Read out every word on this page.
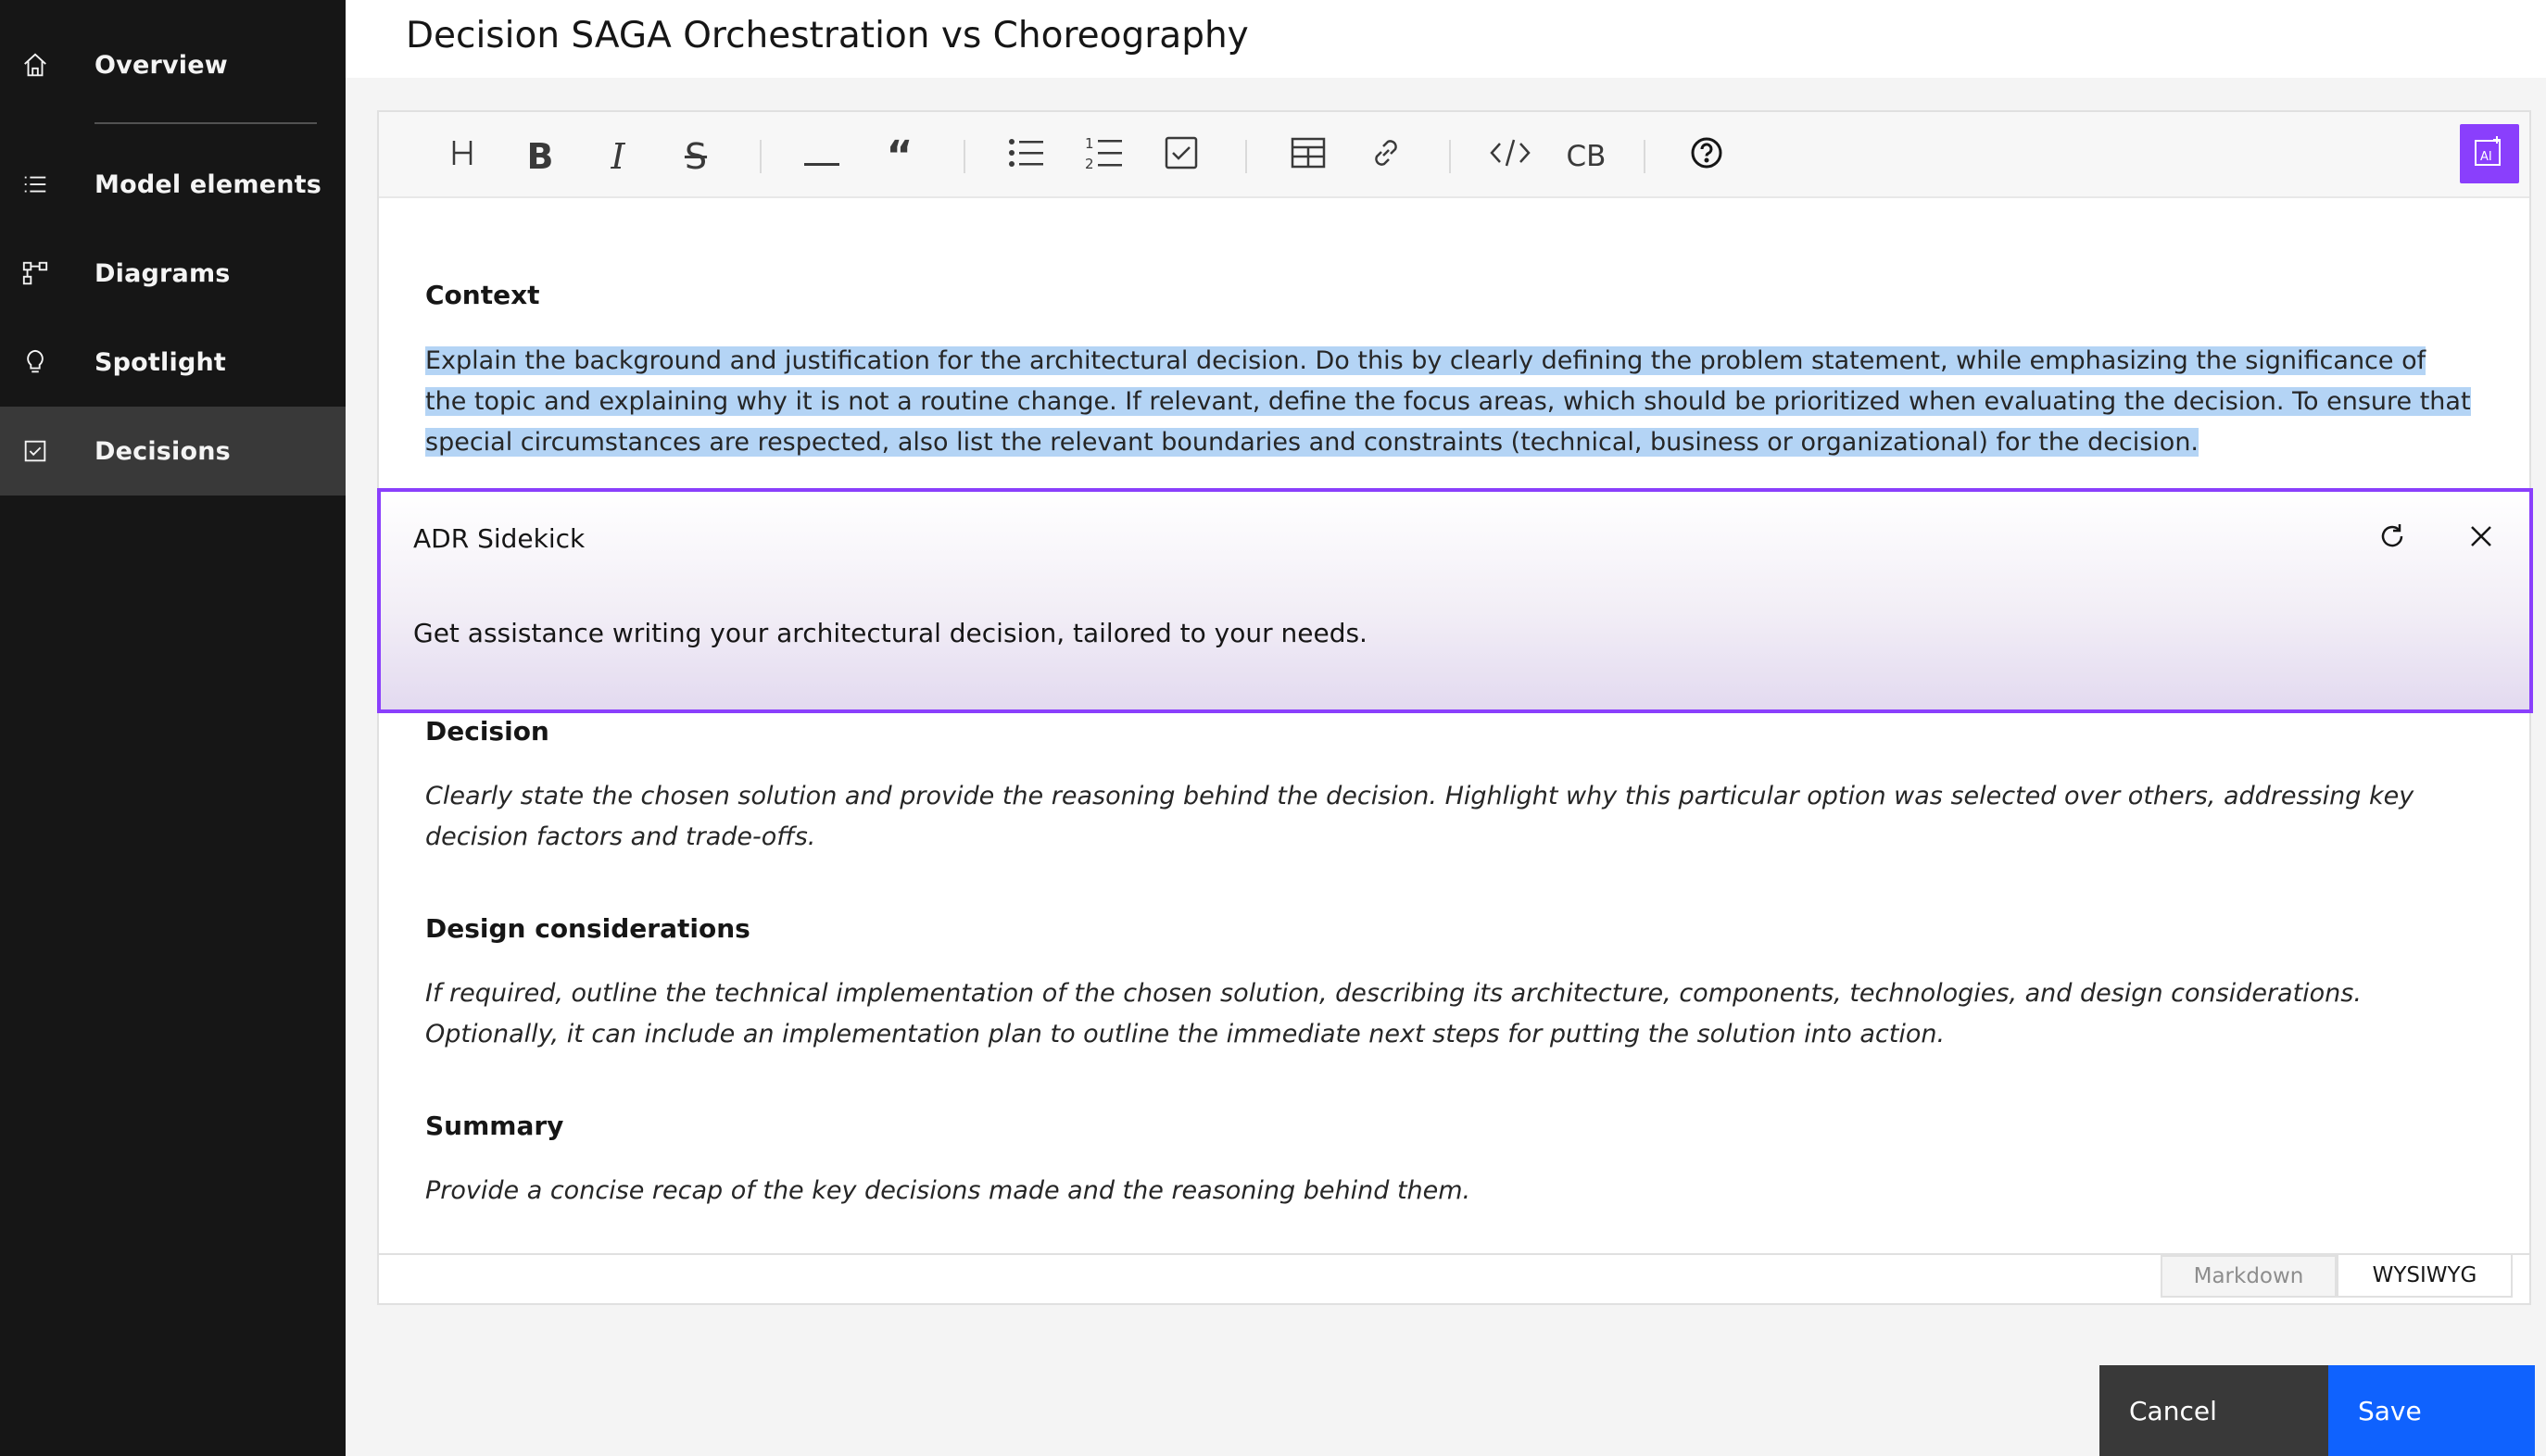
Overview
Model elements
Diagrams
Spotlight
Decisions
Decision SAGA Orchestration vs Choreography
B I S	“	1
2	CB	AI
Context
Explain the background and justification for the architectural decision. Do this by clearly defining the problem statement, while emphasizing the significance of the topic and explaining why it is not a routine change. If relevant, define the focus areas, which should be prioritized when evaluating the decision. To ensure that special circumstances are respected, also list the relevant boundaries and constraints (technical, business or organizational) for the decision.
Decision
Clearly state the chosen solution and provide the reasoning behind the decision. Highlight why this particular option was selected over others, addressing key decision factors and trade-offs.
Design considerations
If required, outline the technical implementation of the chosen solution, describing its architecture, components, technologies, and design considerations. Optionally, it can include an implementation plan to outline the immediate next steps for putting the solution into action.
Summary
Provide a concise recap of the key decisions made and the reasoning behind them.
Markdown	WYSIWYG
ADR Sidekick
Get assistance writing your architectural decision, tailored to your needs.
Cancel	Save
